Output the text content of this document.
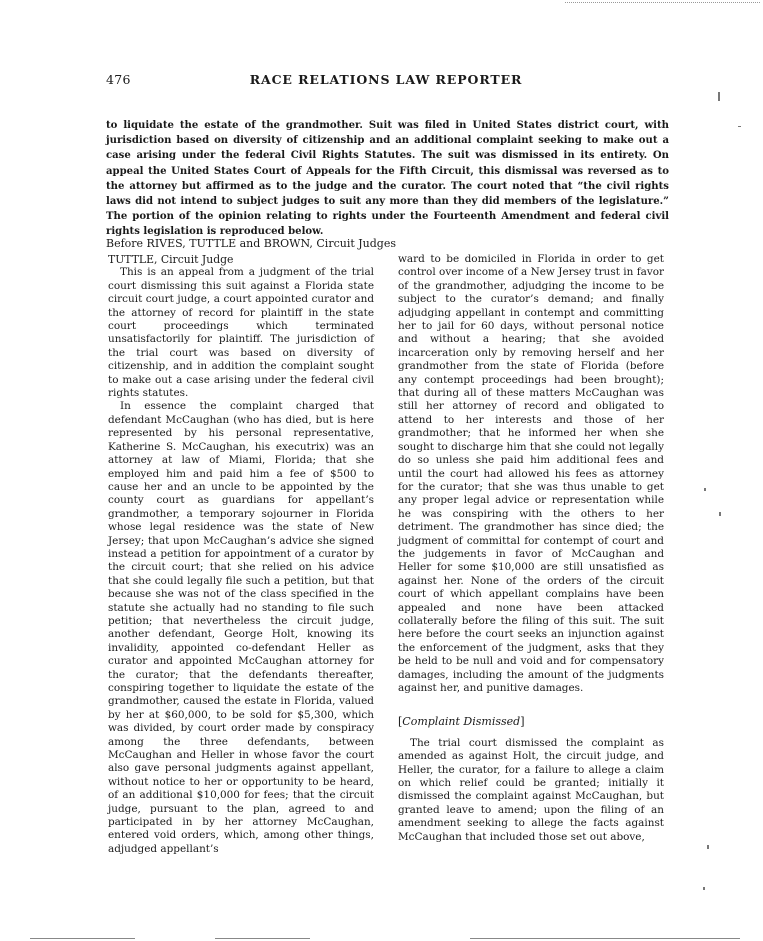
476	RACE RELATIONS LAW REPORTER

to liquidate the estate of the grandmother. Suit was filed in United States district court, with jurisdiction based on diversity of citizenship and an additional complaint seeking to make out a case arising under the federal Civil Rights Statutes. The suit was dismissed in its entirety. On appeal the United States Court of Appeals for the Fifth Circuit, this dismissal was reversed as to the attorney but affirmed as to the judge and the curator. The court noted that “the civil rights laws did not intend to subject judges to suit any more than they did members of the legislature.” The portion of the opinion relating to rights under the Fourteenth Amendment and federal civil rights legislation is reproduced below.

Before RIVES, TUTTLE and BROWN, Circuit Judges

TUTTLE, Circuit Judge

This is an appeal from a judgment of the trial court dismissing this suit against a Florida state circuit court judge, a court appointed curator and the attorney of record for plaintiff in the state court proceedings which terminated unsatisfactorily for plaintiff. The jurisdiction of the trial court was based on diversity of citizenship, and in addition the complaint sought to make out a case arising under the federal civil rights statutes.

In essence the complaint charged that defendant McCaughan (who has died, but is here represented by his personal representative, Katherine S. McCaughan, his executrix) was an attorney at law of Miami, Florida; that she employed him and paid him a fee of $500 to cause her and an uncle to be appointed by the county court as guardians for appellant’s grandmother, a temporary sojourner in Florida whose legal residence was the state of New Jersey; that upon McCaughan’s advice she signed instead a petition for appointment of a curator by the circuit court; that she relied on his advice that she could legally file such a petition, but that because she was not of the class specified in the statute she actually had no standing to file such petition; that nevertheless the circuit judge, another defendant, George Holt, knowing its invalidity, appointed co-defendant Heller as curator and appointed McCaughan attorney for the curator; that the defendants thereafter, conspiring together to liquidate the estate of the grandmother, caused the estate in Florida, valued by her at $60,000, to be sold for $5,300, which was divided, by court order made by conspiracy among the three defendants, between McCaughan and Heller in whose favor the court also gave personal judgments against appellant, without notice to her or opportunity to be heard, of an additional $10,000 for fees; that the circuit judge, pursuant to the plan, agreed to and participated in by her attorney McCaughan, entered void orders, which, among other things, adjudged appellant’s

ward to be domiciled in Florida in order to get control over income of a New Jersey trust in favor of the grandmother, adjudging the income to be subject to the curator’s demand; and finally adjudging appellant in contempt and committing her to jail for 60 days, without personal notice and without a hearing; that she avoided incarceration only by removing herself and her grandmother from the state of Florida (before any contempt proceedings had been brought); that during all of these matters McCaughan was still her attorney of record and obligated to attend to her interests and those of her grandmother; that he informed her when she sought to discharge him that she could not legally do so unless she paid him additional fees and until the court had allowed his fees as attorney for the curator; that she was thus unable to get any proper legal advice or representation while he was conspiring with the others to her detriment. The grandmother has since died; the judgment of committal for contempt of court and the judgements in favor of McCaughan and Heller for some $10,000 are still unsatisfied as against her. None of the orders of the circuit court of which appellant complains have been appealed and none have been attacked collaterally before the filing of this suit. The suit here before the court seeks an injunction against the enforcement of the judgment, asks that they be held to be null and void and for compensatory damages, including the amount of the judgments against her, and punitive damages.

[Complaint Dismissed]

The trial court dismissed the complaint as amended as against Holt, the circuit judge, and Heller, the curator, for a failure to allege a claim on which relief could be granted; initially it dismissed the complaint against McCaughan, but granted leave to amend; upon the filing of an amendment seeking to allege the facts against McCaughan that included those set out above,
